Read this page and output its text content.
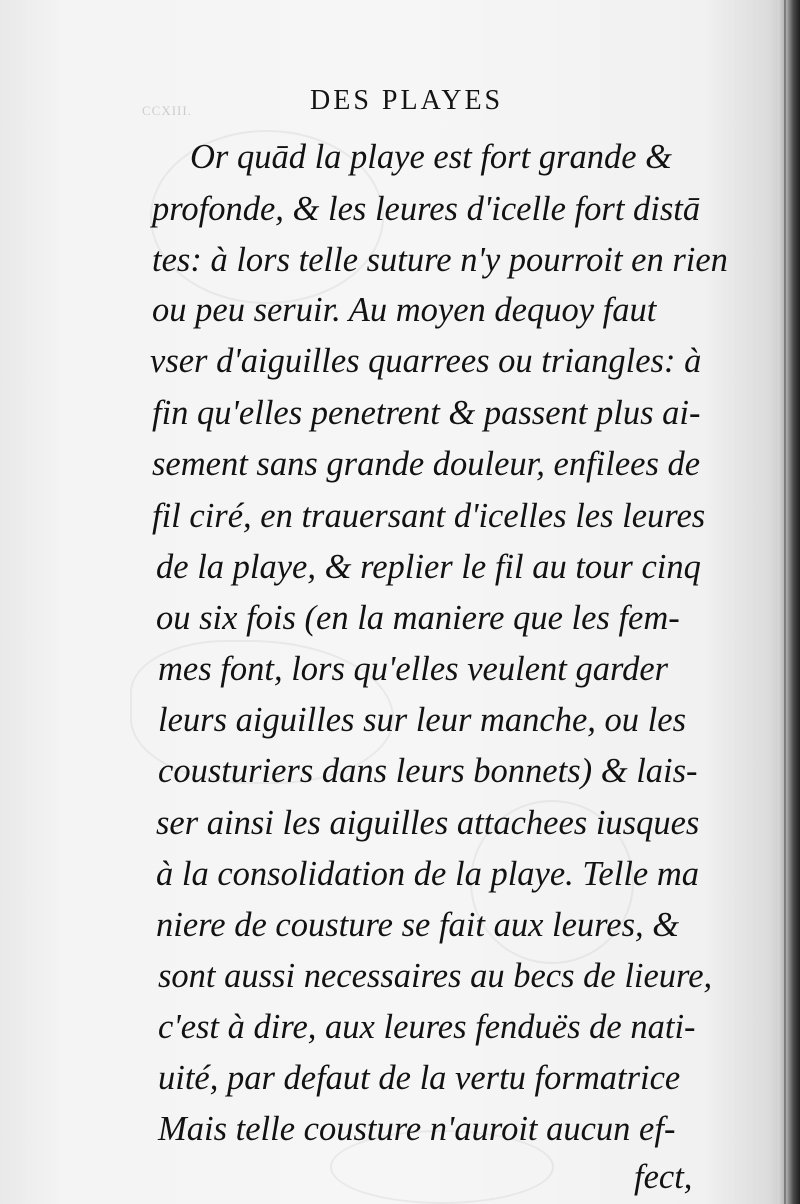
CCXIII.	DES PLAYES
Or quād la playe est fort grande &
profonde, & les leures d'icelle fort distā
tes: à lors telle suture n'y pourroit en rien
ou peu seruir. Au moyen dequoy faut
vser d'aiguilles quarrees ou triangles: à
fin qu'elles penetrent & passent plus ai-
sement sans grande douleur, enfilees de
fil ciré, en trauersant d'icelles les leures
de la playe, & replier le fil au tour cinq
ou six fois (en la maniere que les fem-
mes font, lors qu'elles veulent garder
leurs aiguilles sur leur manche, ou les
cousturiers dans leurs bonnets) & lais-
ser ainsi les aiguilles attachees iusques
à la consolidation de la playe. Telle ma
niere de cousture se fait aux leures, &
sont aussi necessaires au becs de lieure,
c'est à dire, aux leures fenduës de nati-
uité, par defaut de la vertu formatrice
Mais telle cousture n'auroit aucun ef-
fect,
